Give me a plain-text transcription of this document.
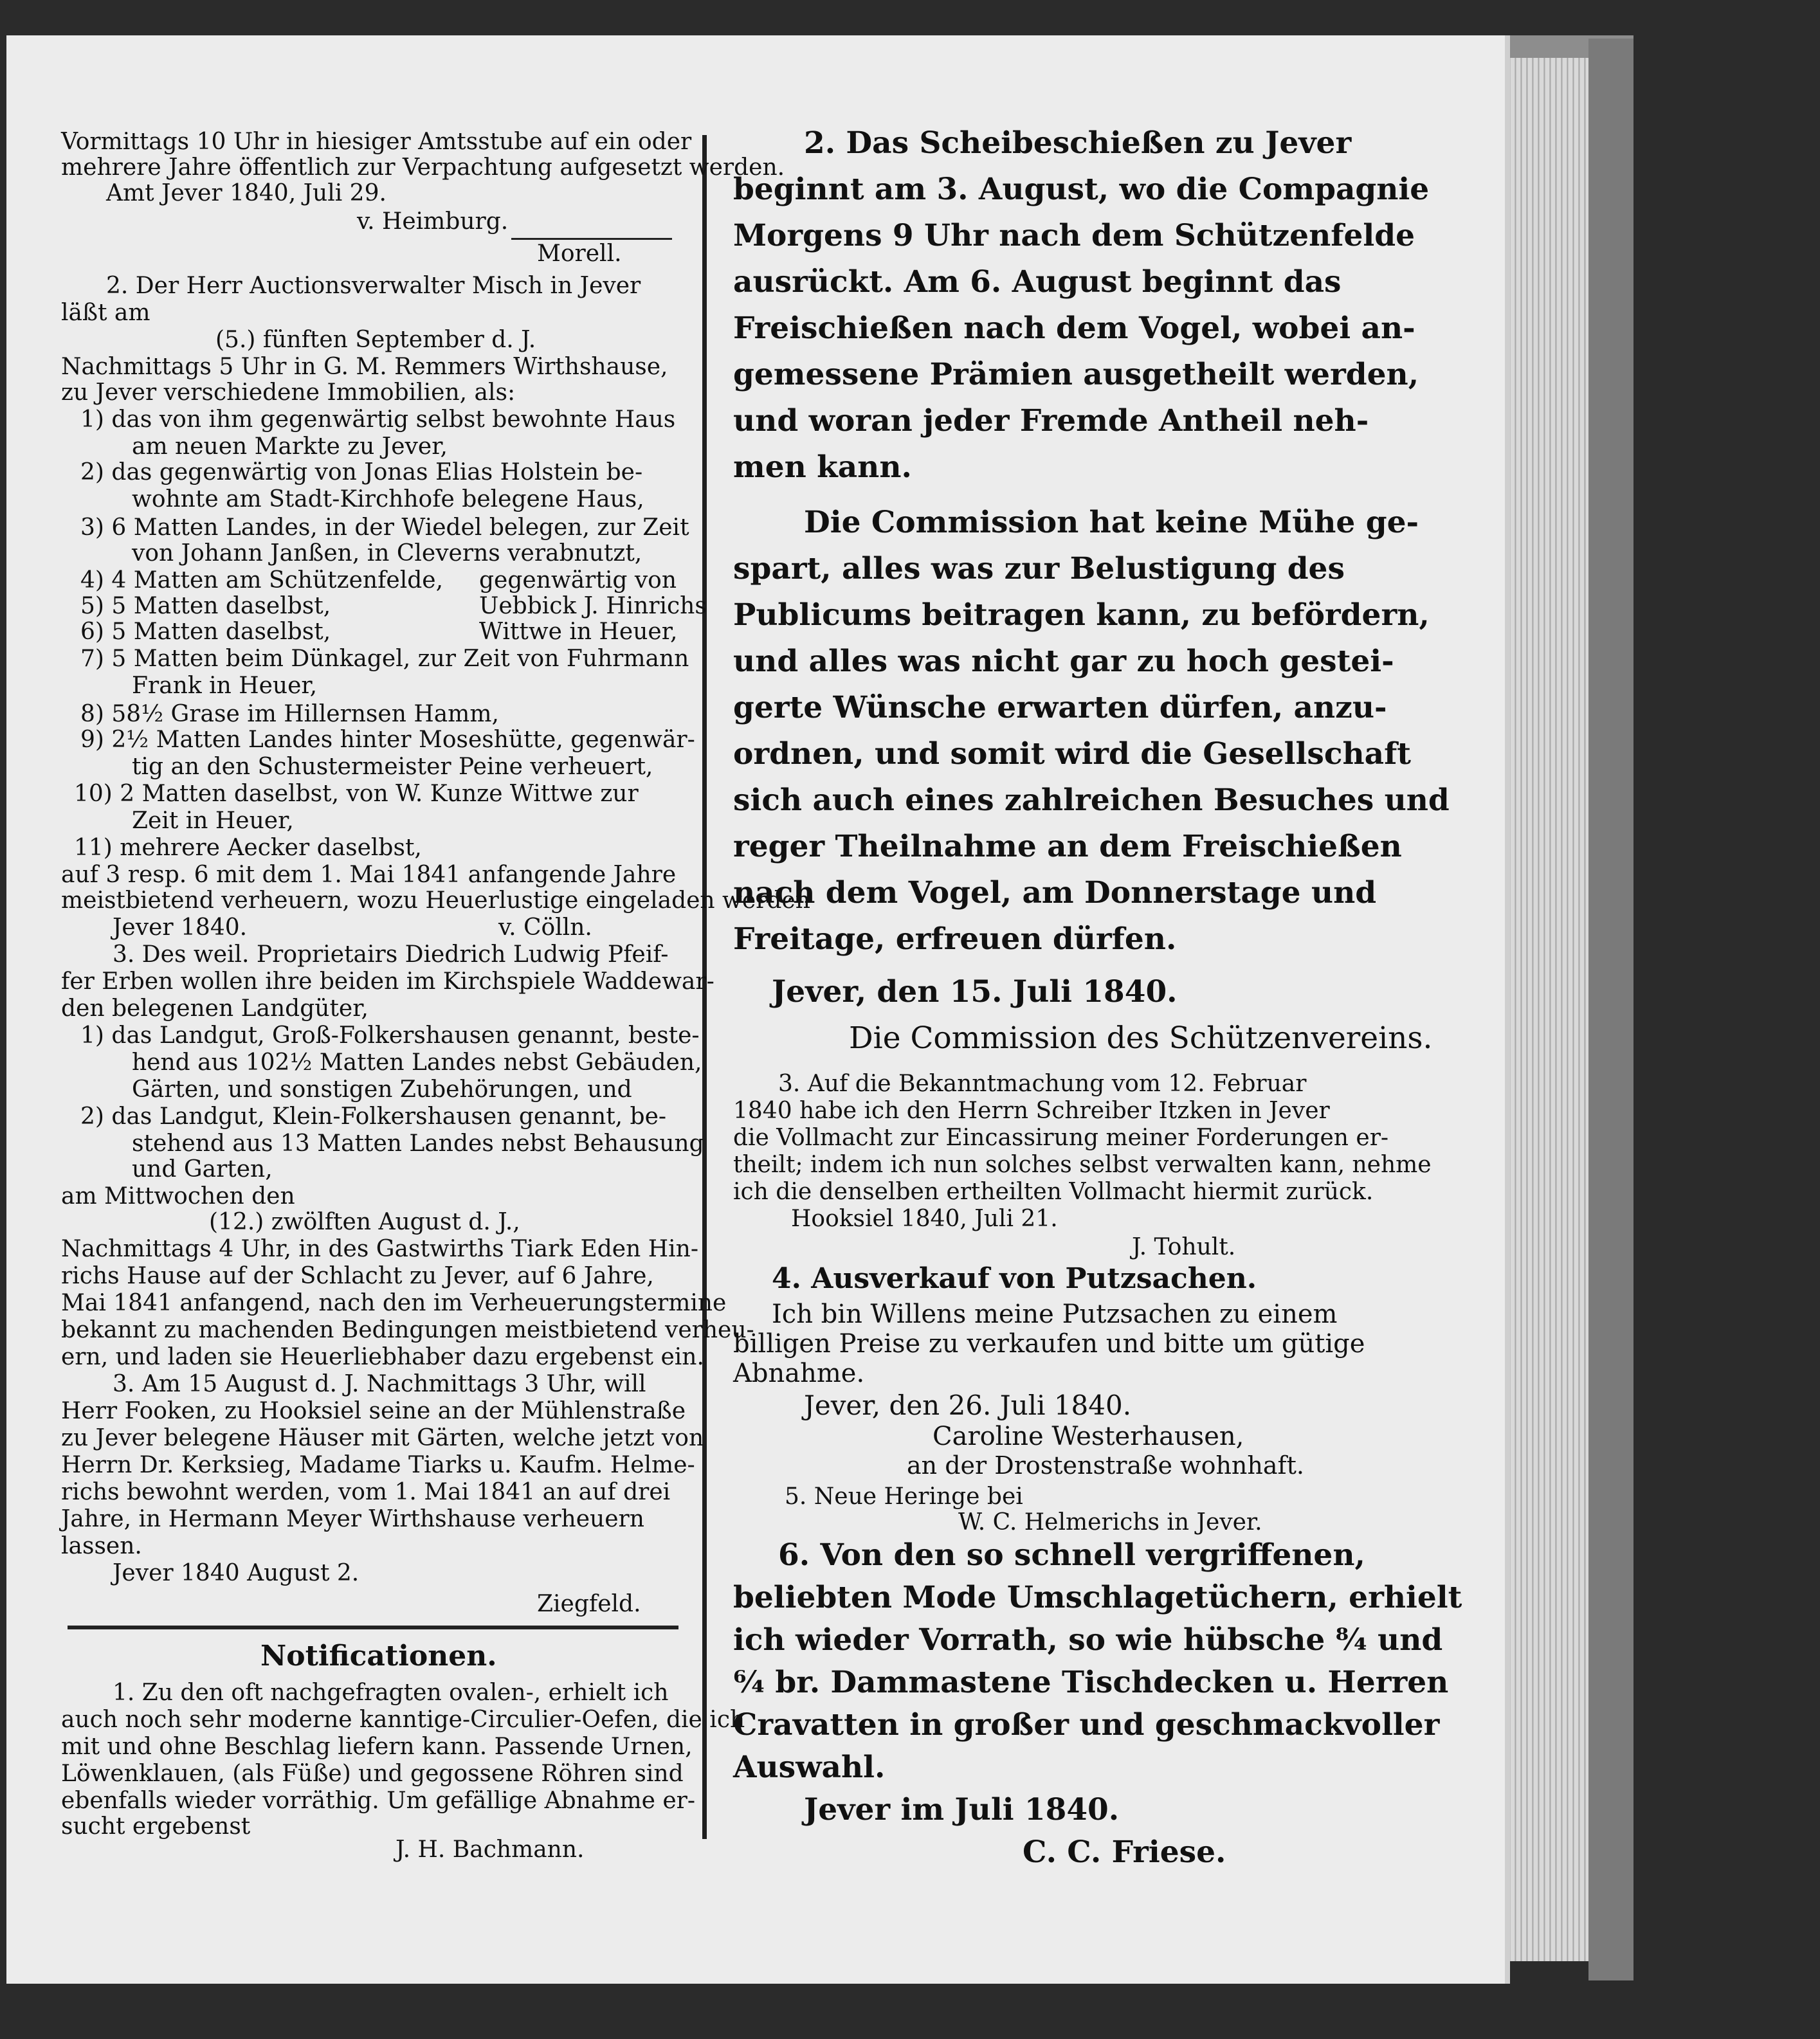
Vormittags 10 Uhr in hiesiger Amtsstube auf ein oder
mehrere Jahre öffentlich zur Verpachtung aufgesetzt werden.
Amt Jever 1840, Juli 29.
v. Heimburg.
Morell.
2. Der Herr Auctionsverwalter Misch in Jever
läßt am
(5.) fünften September d. J.
Nachmittags 5 Uhr in G. M. Remmers Wirthshause,
zu Jever verschiedene Immobilien, als:
1) das von ihm gegenwärtig selbst bewohnte Haus
am neuen Markte zu Jever,
2) das gegenwärtig von Jonas Elias Holstein be-
wohnte am Stadt-Kirchhofe belegene Haus,
3) 6 Matten Landes, in der Wiedel belegen, zur Zeit
von Johann Janßen, in Cleverns verabnutzt,
4) 4 Matten am Schützenfelde,
5) 5 Matten daselbst,
6) 5 Matten daselbst,
gegenwärtig von
Uebbick J. Hinrichs
Wittwe in Heuer,
7) 5 Matten beim Dünkagel, zur Zeit von Fuhrmann
Frank in Heuer,
8) 58½ Grase im Hillernsen Hamm,
9) 2½ Matten Landes hinter Moseshütte, gegenwär-
tig an den Schustermeister Peine verheuert,
10) 2 Matten daselbst, von W. Kunze Wittwe zur
Zeit in Heuer,
11) mehrere Aecker daselbst,
auf 3 resp. 6 mit dem 1. Mai 1841 anfangende Jahre
meistbietend verheuern, wozu Heuerlustige eingeladen werden
Jever 1840.	v. Cölln.
3. Des weil. Proprietairs Diedrich Ludwig Pfeif-
fer Erben wollen ihre beiden im Kirchspiele Waddewar-
den belegenen Landgüter,
1) das Landgut, Groß-Folkershausen genannt, beste-
hend aus 102½ Matten Landes nebst Gebäuden,
Gärten, und sonstigen Zubehörungen, und
2) das Landgut, Klein-Folkershausen genannt, be-
stehend aus 13 Matten Landes nebst Behausung
und Garten,
am Mittwochen den
(12.) zwölften August d. J.,
Nachmittags 4 Uhr, in des Gastwirths Tiark Eden Hin-
richs Hause auf der Schlacht zu Jever, auf 6 Jahre,
Mai 1841 anfangend, nach den im Verheuerungstermine
bekannt zu machenden Bedingungen meistbietend verheu-
ern, und laden sie Heuerliebhaber dazu ergebenst ein.
3. Am 15 August d. J. Nachmittags 3 Uhr, will
Herr Fooken, zu Hooksiel seine an der Mühlenstraße
zu Jever belegene Häuser mit Gärten, welche jetzt von
Herrn Dr. Kerksieg, Madame Tiarks u. Kaufm. Helme-
richs bewohnt werden, vom 1. Mai 1841 an auf drei
Jahre, in Hermann Meyer Wirthshause verheuern
lassen.
Jever 1840 August 2.
Ziegfeld.
Notificationen.
1. Zu den oft nachgefragten ovalen-, erhielt ich
auch noch sehr moderne kanntige-Circulier-Oefen, die ich
mit und ohne Beschlag liefern kann. Passende Urnen,
Löwenklauen, (als Füße) und gegossene Röhren sind
ebenfalls wieder vorräthig. Um gefällige Abnahme er-
sucht ergebenst
J. H. Bachmann.
2. Das Scheibeschießen zu Jever
beginnt am 3. August, wo die Compagnie
Morgens 9 Uhr nach dem Schützenfelde
ausrückt. Am 6. August beginnt das
Freischießen nach dem Vogel, wobei an-
gemessene Prämien ausgetheilt werden,
und woran jeder Fremde Antheil neh-
men kann.
Die Commission hat keine Mühe ge-
spart, alles was zur Belustigung des
Publicums beitragen kann, zu befördern,
und alles was nicht gar zu hoch gestei-
gerte Wünsche erwarten dürfen, anzu-
ordnen, und somit wird die Gesellschaft
sich auch eines zahlreichen Besuches und
reger Theilnahme an dem Freischießen
nach dem Vogel, am Donnerstage und
Freitage, erfreuen dürfen.
Jever, den 15. Juli 1840.
Die Commission des Schützenvereins.
3. Auf die Bekanntmachung vom 12. Februar
1840 habe ich den Herrn Schreiber Itzken in Jever
die Vollmacht zur Eincassirung meiner Forderungen er-
theilt; indem ich nun solches selbst verwalten kann, nehme
ich die denselben ertheilten Vollmacht hiermit zurück.
Hooksiel 1840, Juli 21.
J. Tohult.
4. Ausverkauf von Putzsachen.
Ich bin Willens meine Putzsachen zu einem
billigen Preise zu verkaufen und bitte um gütige
Abnahme.
Jever, den 26. Juli 1840.
Caroline Westerhausen,
an der Drostenstraße wohnhaft.
5. Neue Heringe bei
W. C. Helmerichs in Jever.
6. Von den so schnell vergriffenen,
beliebten Mode Umschlagetüchern, erhielt
ich wieder Vorrath, so wie hübsche ⁸⁄₄ und
⁶⁄₄ br. Dammastene Tischdecken u. Herren
Cravatten in großer und geschmackvoller
Auswahl.
Jever im Juli 1840.
C. C. Friese.
